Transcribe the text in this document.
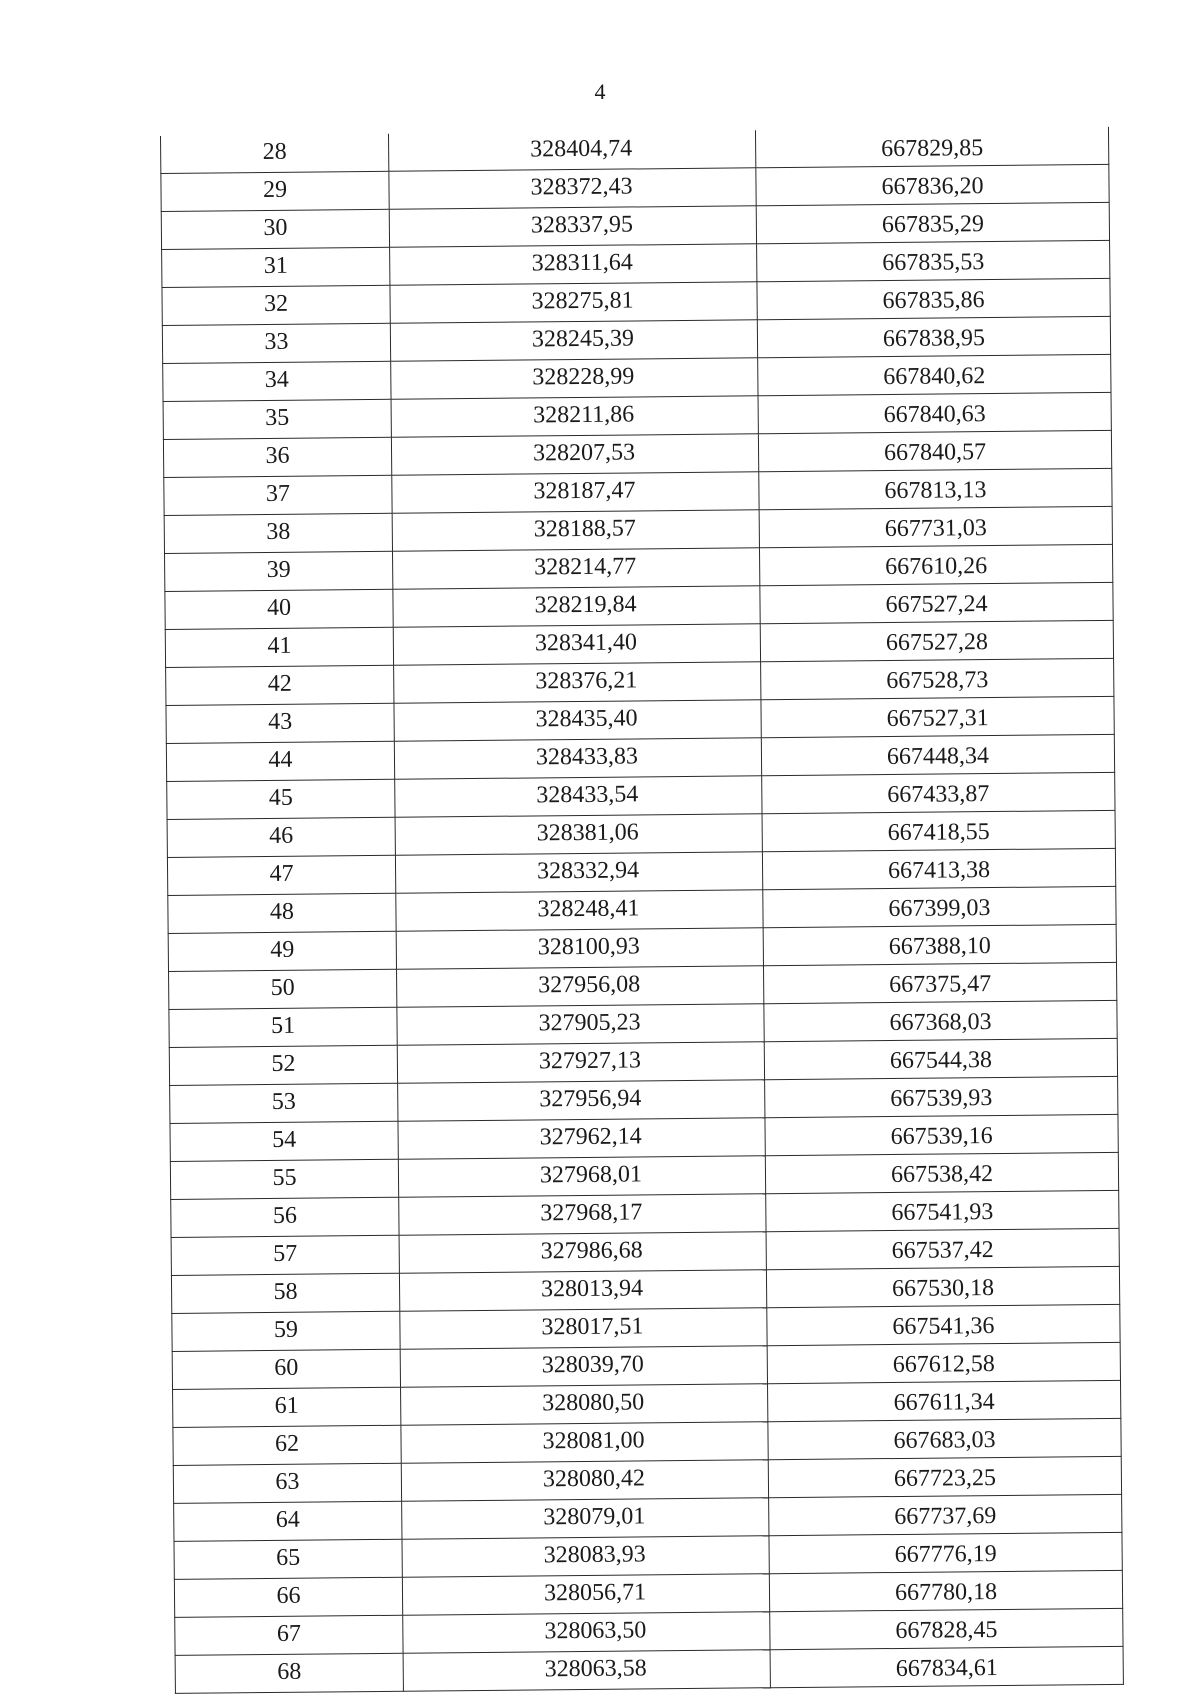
4
28	328404,74	667829,85
29	328372,43	667836,20
30	328337,95	667835,29
31	328311,64	667835,53
32	328275,81	667835,86
33	328245,39	667838,95
34	328228,99	667840,62
35	328211,86	667840,63
36	328207,53	667840,57
37	328187,47	667813,13
38	328188,57	667731,03
39	328214,77	667610,26
40	328219,84	667527,24
41	328341,40	667527,28
42	328376,21	667528,73
43	328435,40	667527,31
44	328433,83	667448,34
45	328433,54	667433,87
46	328381,06	667418,55
47	328332,94	667413,38
48	328248,41	667399,03
49	328100,93	667388,10
50	327956,08	667375,47
51	327905,23	667368,03
52	327927,13	667544,38
53	327956,94	667539,93
54	327962,14	667539,16
55	327968,01	667538,42
56	327968,17	667541,93
57	327986,68	667537,42
58	328013,94	667530,18
59	328017,51	667541,36
60	328039,70	667612,58
61	328080,50	667611,34
62	328081,00	667683,03
63	328080,42	667723,25
64	328079,01	667737,69
65	328083,93	667776,19
66	328056,71	667780,18
67	328063,50	667828,45
68	328063,58	667834,61
